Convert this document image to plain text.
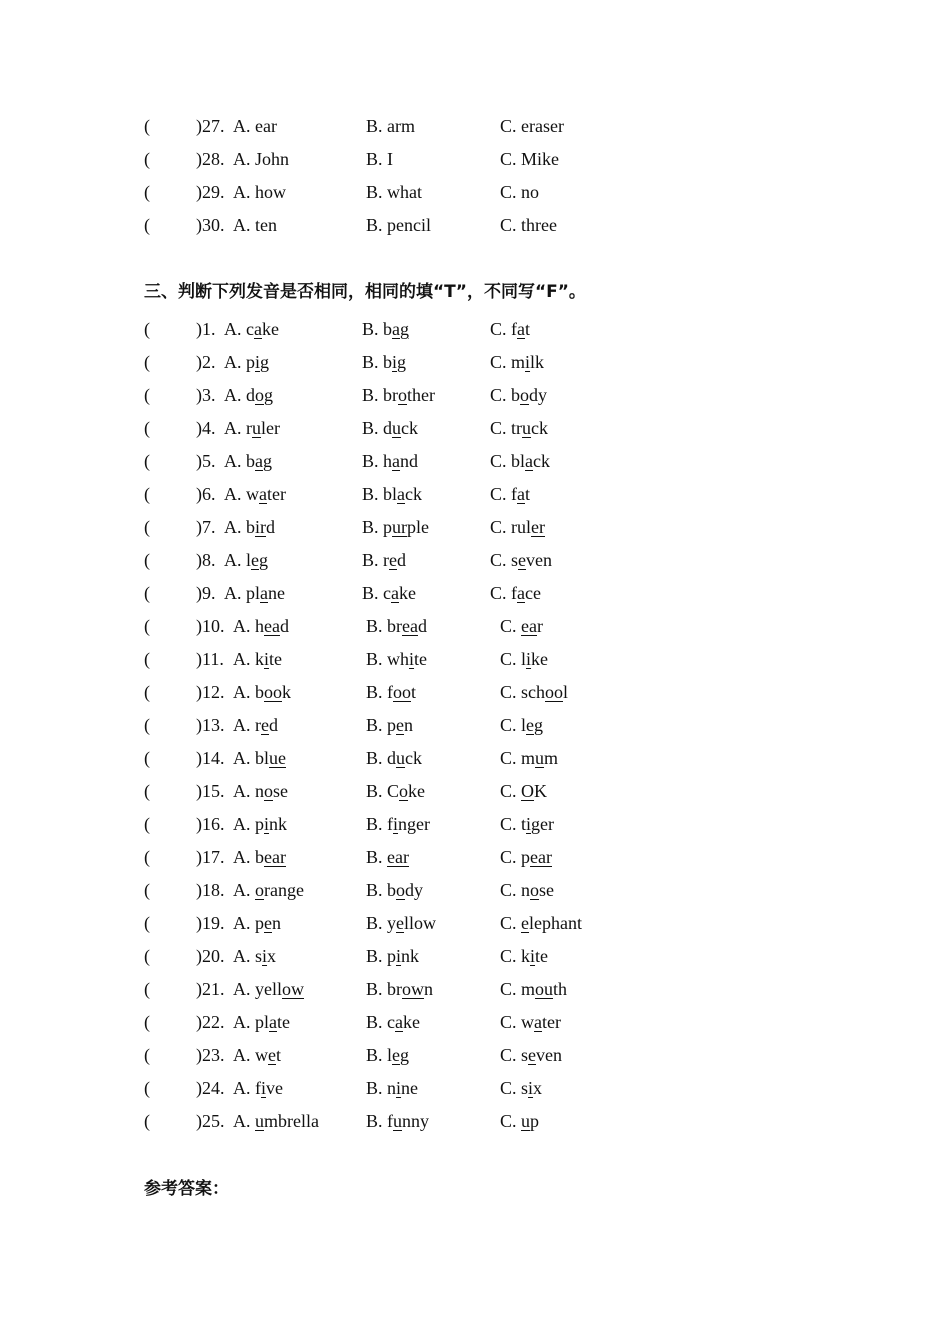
(	)27. A. ear	B. arm	C. eraser
(	)28. A. John	B. I	C. Mike
(	)29. A. how	B. what	C. no
(	)30. A. ten	B. pencil	C. three
三、判断下列发音是否相同，相同的填“T”，不同写“F”。
(	)1. A. cake	B. bag	C. fat
(	)2. A. pig	B. big	C. milk
(	)3. A. dog	B. brother	C. body
(	)4. A. ruler	B. duck	C. truck
(	)5. A. bag	B. hand	C. black
(	)6. A. water	B. black	C. fat
(	)7. A. bird	B. purple	C. ruler
(	)8. A. leg	B. red	C. seven
(	)9. A. plane	B. cake	C. face
(	)10. A. head	B. bread	C. ear
(	)11. A. kite	B. white	C. like
(	)12. A. book	B. foot	C. school
(	)13. A. red	B. pen	C. leg
(	)14. A. blue	B. duck	C. mum
(	)15. A. nose	B. Coke	C. OK
(	)16. A. pink	B. finger	C. tiger
(	)17. A. bear	B. ear	C. pear
(	)18. A. orange	B. body	C. nose
(	)19. A. pen	B. yellow	C. elephant
(	)20. A. six	B. pink	C. kite
(	)21. A. yellow	B. brown	C. mouth
(	)22. A. plate	B. cake	C. water
(	)23. A. wet	B. leg	C. seven
(	)24. A. five	B. nine	C. six
(	)25. A. umbrella	B. funny	C. up
参考答案：
